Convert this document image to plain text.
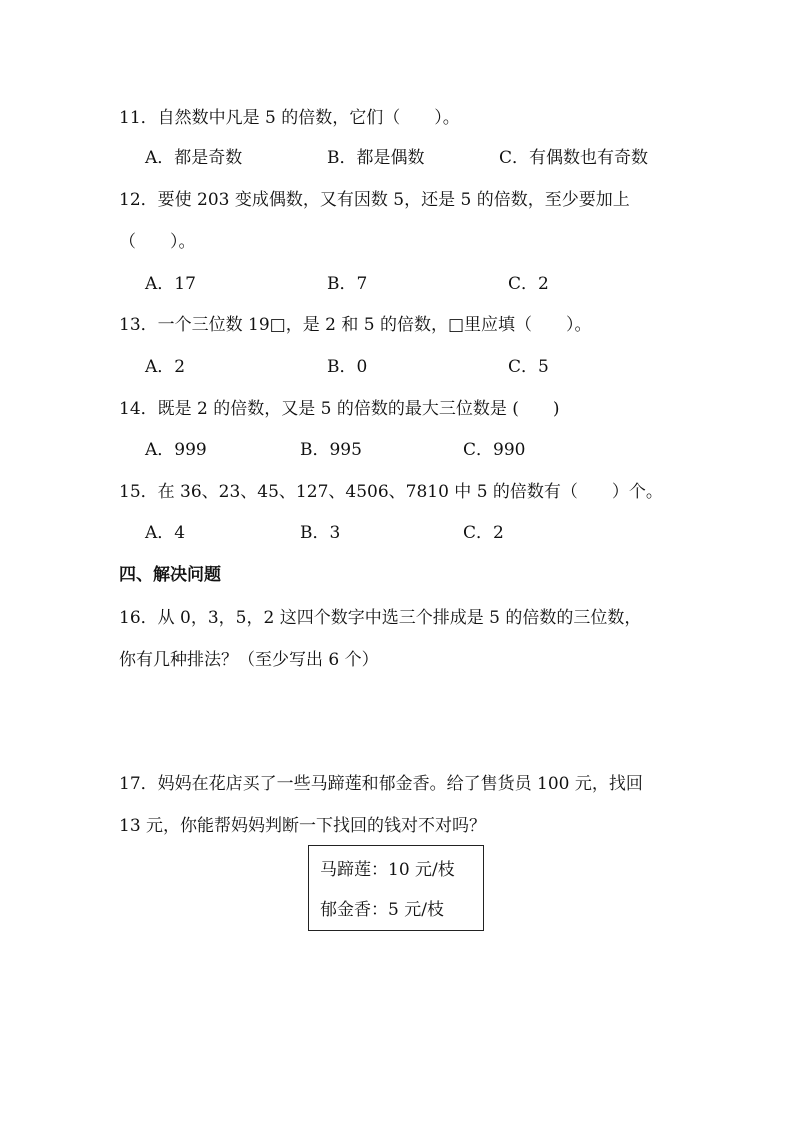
11．自然数中凡是 5 的倍数，它们（　　）。
A．都是奇数	B．都是偶数	C．有偶数也有奇数
12．要使 203 变成偶数，又有因数 5，还是 5 的倍数，至少要加上
（　　）。
A．17	B．7	C．2
13．一个三位数 19□，是 2 和 5 的倍数，□里应填（　　）。
A．2	B．0	C．5
14．既是 2 的倍数，又是 5 的倍数的最大三位数是 (　　)
A．999	B．995	C．990
15．在 36、23、45、127、4506、7810 中 5 的倍数有（　　）个。
A．4	B．3	C．2
四、解决问题
16．从 0，3，5，2 这四个数字中选三个排成是 5 的倍数的三位数，
你有几种排法？（至少写出 6 个）
17．妈妈在花店买了一些马蹄莲和郁金香。给了售货员 100 元，找回
13 元，你能帮妈妈判断一下找回的钱对不对吗？
马蹄莲：10 元/枝
郁金香：5 元/枝
